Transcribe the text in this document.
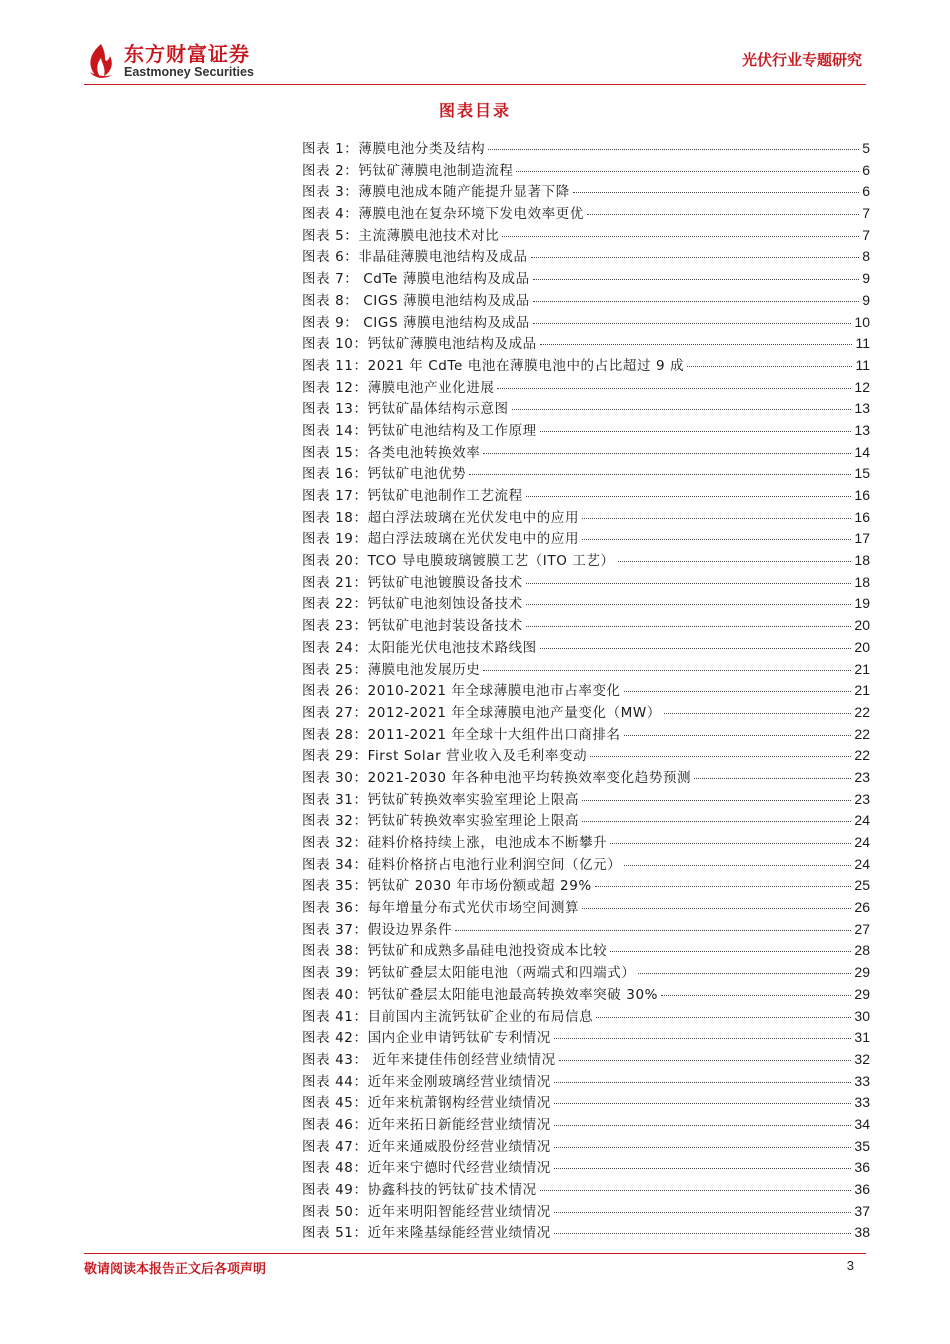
东方财富证券
Eastmoney Securities
光伏行业专题研究
图表目录
图表 1：薄膜电池分类及结构	5
图表 2：钙钛矿薄膜电池制造流程	6
图表 3：薄膜电池成本随产能提升显著下降	6
图表 4：薄膜电池在复杂环境下发电效率更优	7
图表 5：主流薄膜电池技术对比	7
图表 6：非晶硅薄膜电池结构及成品	8
图表 7： CdTe 薄膜电池结构及成品	9
图表 8： CIGS 薄膜电池结构及成品	9
图表 9： CIGS 薄膜电池结构及成品	10
图表 10：钙钛矿薄膜电池结构及成品	11
图表 11：2021 年 CdTe 电池在薄膜电池中的占比超过 9 成	11
图表 12：薄膜电池产业化进展	12
图表 13：钙钛矿晶体结构示意图	13
图表 14：钙钛矿电池结构及工作原理	13
图表 15：各类电池转换效率	14
图表 16：钙钛矿电池优势	15
图表 17：钙钛矿电池制作工艺流程	16
图表 18：超白浮法玻璃在光伏发电中的应用	16
图表 19：超白浮法玻璃在光伏发电中的应用	17
图表 20：TCO 导电膜玻璃镀膜工艺（ITO 工艺）	18
图表 21：钙钛矿电池镀膜设备技术	18
图表 22：钙钛矿电池刻蚀设备技术	19
图表 23：钙钛矿电池封装设备技术	20
图表 24：太阳能光伏电池技术路线图	20
图表 25：薄膜电池发展历史	21
图表 26：2010-2021 年全球薄膜电池市占率变化	21
图表 27：2012-2021 年全球薄膜电池产量变化（MW）	22
图表 28：2011-2021 年全球十大组件出口商排名	22
图表 29：First Solar 营业收入及毛利率变动	22
图表 30：2021-2030 年各种电池平均转换效率变化趋势预测	23
图表 31：钙钛矿转换效率实验室理论上限高	23
图表 32：钙钛矿转换效率实验室理论上限高	24
图表 32：硅料价格持续上涨，电池成本不断攀升	24
图表 34：硅料价格挤占电池行业利润空间（亿元）	24
图表 35：钙钛矿 2030 年市场份额或超 29%	25
图表 36：每年增量分布式光伏市场空间测算	26
图表 37：假设边界条件	27
图表 38：钙钛矿和成熟多晶硅电池投资成本比较	28
图表 39：钙钛矿叠层太阳能电池（两端式和四端式）	29
图表 40：钙钛矿叠层太阳能电池最高转换效率突破 30%	29
图表 41：目前国内主流钙钛矿企业的布局信息	30
图表 42：国内企业申请钙钛矿专利情况	31
图表 43： 近年来捷佳伟创经营业绩情况	32
图表 44：近年来金刚玻璃经营业绩情况	33
图表 45：近年来杭萧钢构经营业绩情况	33
图表 46：近年来拓日新能经营业绩情况	34
图表 47：近年来通威股份经营业绩情况	35
图表 48：近年来宁德时代经营业绩情况	36
图表 49：协鑫科技的钙钛矿技术情况	36
图表 50：近年来明阳智能经营业绩情况	37
图表 51：近年来隆基绿能经营业绩情况	38
敬请阅读本报告正文后各项声明	3
